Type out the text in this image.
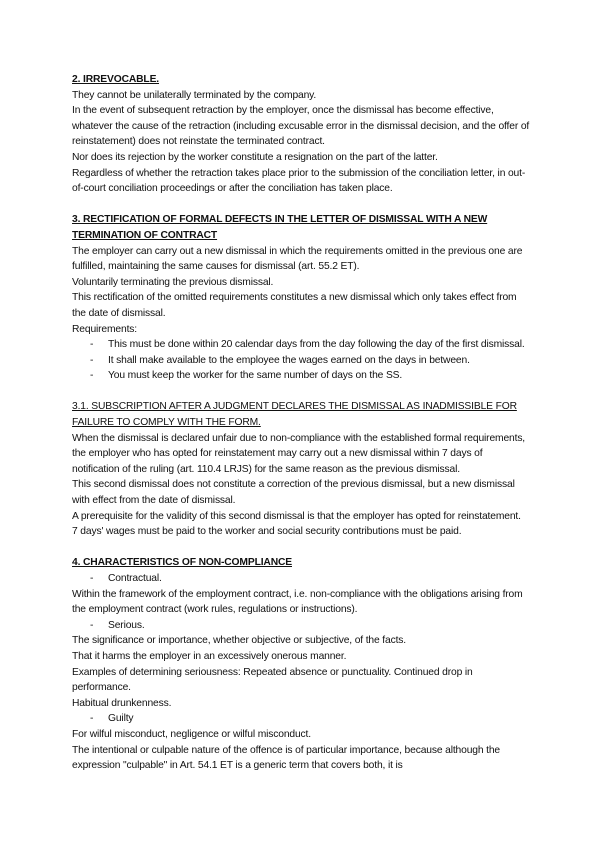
2. IRREVOCABLE.

They cannot be unilaterally terminated by the company.

In the event of subsequent retraction by the employer, once the dismissal has become effective, whatever the cause of the retraction (including excusable error in the dismissal decision, and the offer of reinstatement) does not reinstate the terminated contract.

Nor does its rejection by the worker constitute a resignation on the part of the latter.

Regardless of whether the retraction takes place prior to the submission of the conciliation letter, in out-of-court conciliation proceedings or after the conciliation has taken place.

3. RECTIFICATION OF FORMAL DEFECTS IN THE LETTER OF DISMISSAL WITH A NEW TERMINATION OF CONTRACT

The employer can carry out a new dismissal in which the requirements omitted in the previous one are fulfilled, maintaining the same causes for dismissal (art. 55.2 ET).

Voluntarily terminating the previous dismissal.

This rectification of the omitted requirements constitutes a new dismissal which only takes effect from the date of dismissal.

Requirements:

- This must be done within 20 calendar days from the day following the day of the first dismissal.

- It shall make available to the employee the wages earned on the days in between.

- You must keep the worker for the same number of days on the SS.

3.1. SUBSCRIPTION AFTER A JUDGMENT DECLARES THE DISMISSAL AS INADMISSIBLE FOR FAILURE TO COMPLY WITH THE FORM.

When the dismissal is declared unfair due to non-compliance with the established formal requirements, the employer who has opted for reinstatement may carry out a new dismissal within 7 days of notification of the ruling (art. 110.4 LRJS) for the same reason as the previous dismissal.

This second dismissal does not constitute a correction of the previous dismissal, but a new dismissal with effect from the date of dismissal.

A prerequisite for the validity of this second dismissal is that the employer has opted for reinstatement.

7 days' wages must be paid to the worker and social security contributions must be paid.

4. CHARACTERISTICS OF NON-COMPLIANCE

- Contractual.

Within the framework of the employment contract, i.e. non-compliance with the obligations arising from the employment contract (work rules, regulations or instructions).

- Serious.

The significance or importance, whether objective or subjective, of the facts.

That it harms the employer in an excessively onerous manner.

Examples of determining seriousness: Repeated absence or punctuality. Continued drop in performance.

Habitual drunkenness.

- Guilty

For wilful misconduct, negligence or wilful misconduct.

The intentional or culpable nature of the offence is of particular importance, because although the expression "culpable" in Art. 54.1 ET is a generic term that covers both, it is
